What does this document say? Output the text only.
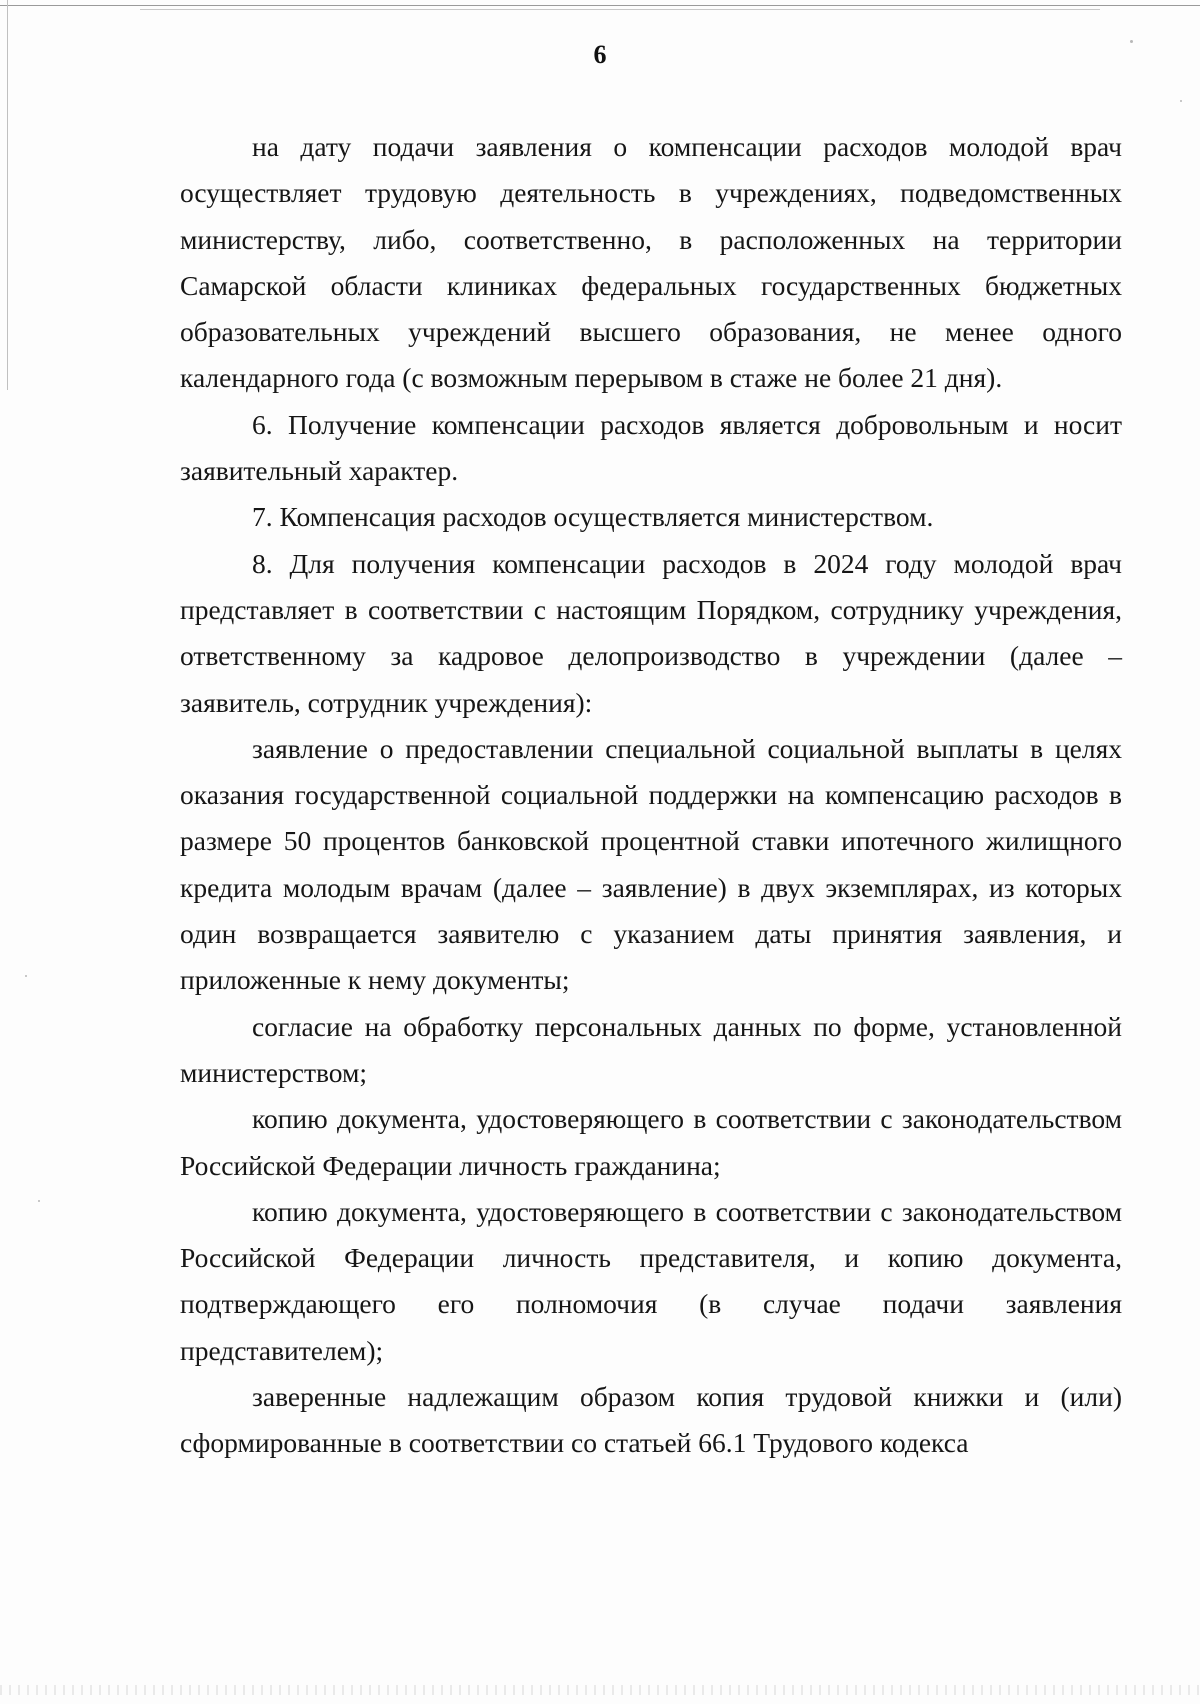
6

на дату подачи заявления о компенсации расходов молодой врач осуществляет трудовую деятельность в учреждениях, подведомственных министерству, либо, соответственно, в расположенных на территории Самарской области клиниках федеральных государственных бюджетных образовательных учреждений высшего образования, не менее одного календарного года (с возможным перерывом в стаже не более 21 дня).

6. Получение компенсации расходов является добровольным и носит заявительный характер.

7. Компенсация расходов осуществляется министерством.

8. Для получения компенсации расходов в 2024 году молодой врач представляет в соответствии с настоящим Порядком, сотруднику учреждения, ответственному за кадровое делопроизводство в учреждении (далее – заявитель, сотрудник учреждения):

заявление о предоставлении специальной социальной выплаты в целях оказания государственной социальной поддержки на компенсацию расходов в размере 50 процентов банковской процентной ставки ипотечного жилищного кредита молодым врачам (далее – заявление) в двух экземплярах, из которых один возвращается заявителю с указанием даты принятия заявления, и приложенные к нему документы;

согласие на обработку персональных данных по форме, установленной министерством;

копию документа, удостоверяющего в соответствии с законодательством Российской Федерации личность гражданина;

копию документа, удостоверяющего в соответствии с законодательством Российской Федерации личность представителя, и копию документа, подтверждающего его полномочия (в случае подачи заявления представителем);

заверенные надлежащим образом копия трудовой книжки и (или) сформированные в соответствии со статьей 66.1 Трудового кодекса
